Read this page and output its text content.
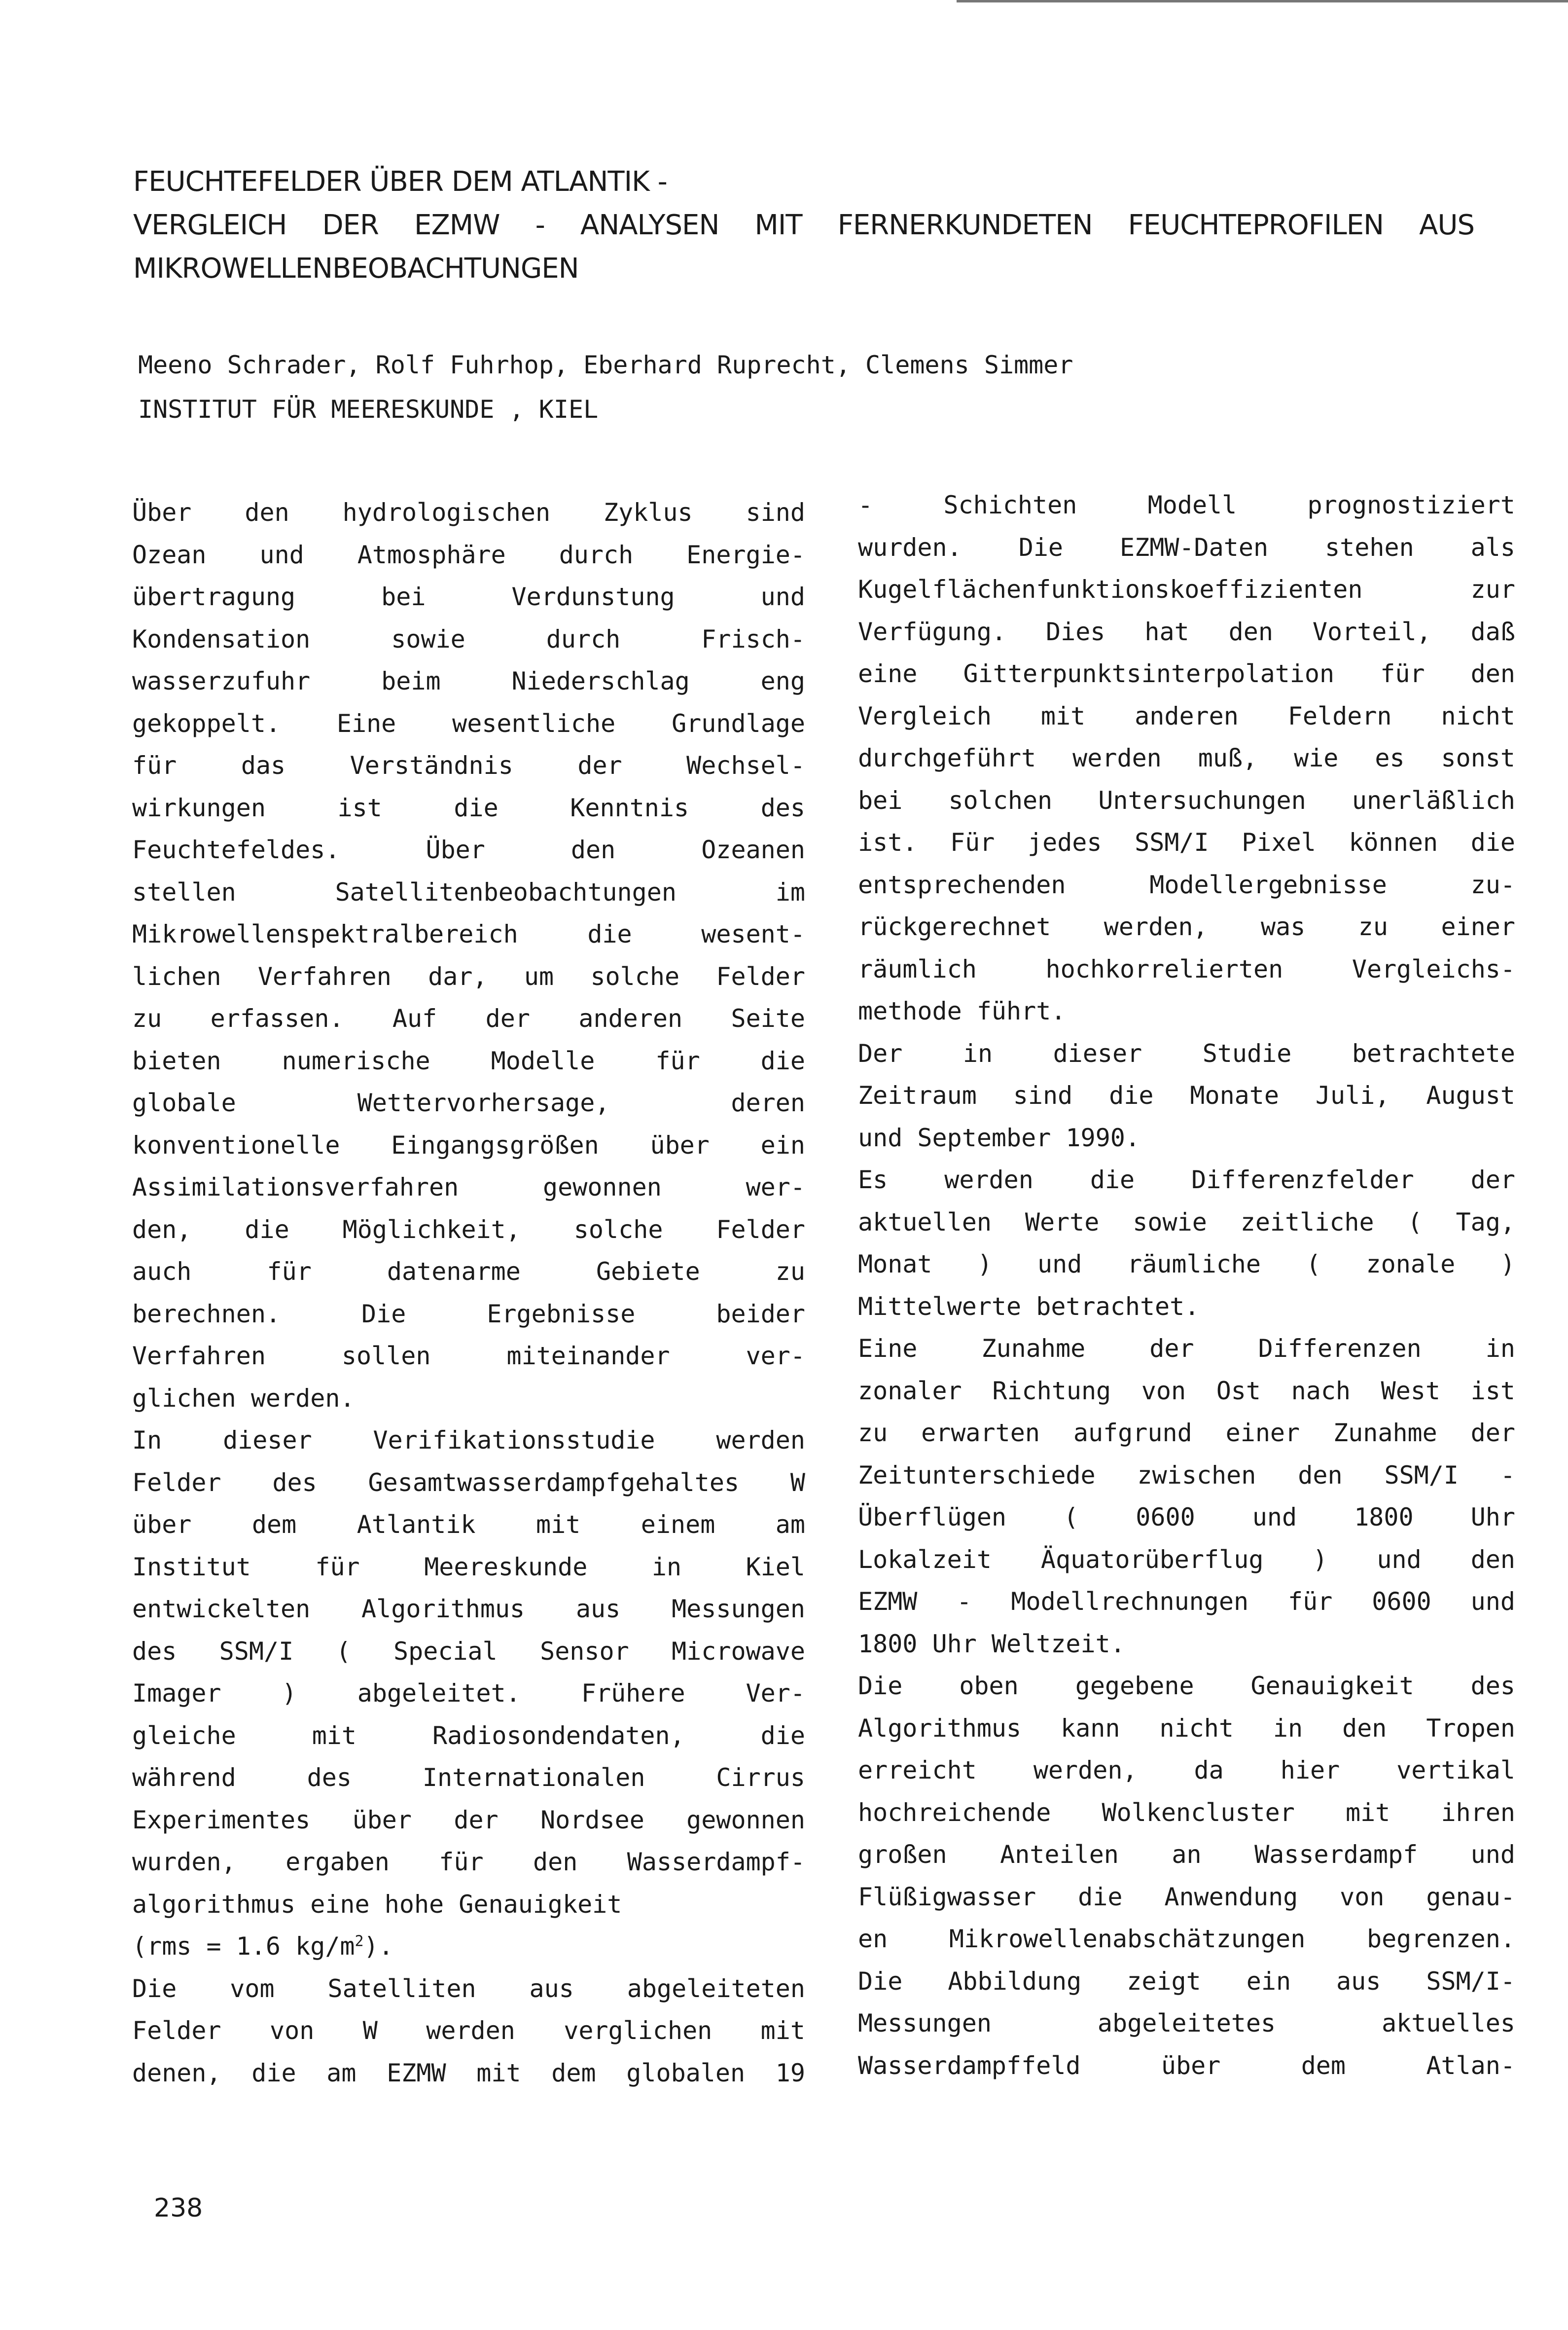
FEUCHTEFELDER ÜBER DEM ATLANTIK -
VERGLEICH DER EZMW - ANALYSEN MIT FERNERKUNDETEN FEUCHTEPROFILEN AUS
MIKROWELLENBEOBACHTUNGEN
Meeno Schrader, Rolf Fuhrhop, Eberhard Ruprecht, Clemens Simmer
INSTITUT FÜR MEERESKUNDE , KIEL
Über den hydrologischen Zyklus sind
Ozean und Atmosphäre durch Energie-
übertragung bei Verdunstung und
Kondensation sowie durch Frisch-
wasserzufuhr beim Niederschlag eng
gekoppelt. Eine wesentliche Grundlage
für das Verständnis der Wechsel-
wirkungen ist die Kenntnis des
Feuchtefeldes. Über den Ozeanen
stellen Satellitenbeobachtungen im
Mikrowellenspektralbereich die wesent-
lichen Verfahren dar, um solche Felder
zu erfassen. Auf der anderen Seite
bieten numerische Modelle für die
globale Wettervorhersage, deren
konventionelle Eingangsgrößen über ein
Assimilationsverfahren gewonnen wer-
den, die Möglichkeit, solche Felder
auch für datenarme Gebiete zu
berechnen. Die Ergebnisse beider
Verfahren sollen miteinander ver-
glichen werden.
In dieser Verifikationsstudie werden
Felder des Gesamtwasserdampfgehaltes W
über dem Atlantik mit einem am
Institut für Meereskunde in Kiel
entwickelten Algorithmus aus Messungen
des SSM/I ( Special Sensor Microwave
Imager ) abgeleitet. Frühere Ver-
gleiche mit Radiosondendaten, die
während des Internationalen Cirrus
Experimentes über der Nordsee gewonnen
wurden, ergaben für den Wasserdampf-
algorithmus eine hohe Genauigkeit
(rms = 1.6 $kg/m^2$).
Die vom Satelliten aus abgeleiteten
Felder von W werden verglichen mit
denen, die am EZMW mit dem globalen 19
- Schichten Modell prognostiziert
wurden. Die EZMW-Daten stehen als
Kugelflächenfunktionskoeffizienten zur
Verfügung. Dies hat den Vorteil, daß
eine Gitterpunktsinterpolation für den
Vergleich mit anderen Feldern nicht
durchgeführt werden muß, wie es sonst
bei solchen Untersuchungen unerläßlich
ist. Für jedes SSM/I Pixel können die
entsprechenden Modellergebnisse zu-
rückgerechnet werden, was zu einer
räumlich hochkorrelierten Vergleichs-
methode führt.
Der in dieser Studie betrachtete
Zeitraum sind die Monate Juli, August
und September 1990.
Es werden die Differenzfelder der
aktuellen Werte sowie zeitliche ( Tag,
Monat ) und räumliche ( zonale )
Mittelwerte betrachtet.
Eine Zunahme der Differenzen in
zonaler Richtung von Ost nach West ist
zu erwarten aufgrund einer Zunahme der
Zeitunterschiede zwischen den SSM/I -
Überflügen ( 0600 und 1800 Uhr
Lokalzeit Äquatorüberflug ) und den
EZMW - Modellrechnungen für 0600 und
1800 Uhr Weltzeit.
Die oben gegebene Genauigkeit des
Algorithmus kann nicht in den Tropen
erreicht werden, da hier vertikal
hochreichende Wolkencluster mit ihren
großen Anteilen an Wasserdampf und
Flüßigwasser die Anwendung von genau-
en Mikrowellenabschätzungen begrenzen.
Die Abbildung zeigt ein aus SSM/I-
Messungen abgeleitetes aktuelles
Wasserdampffeld über dem Atlan-
238
